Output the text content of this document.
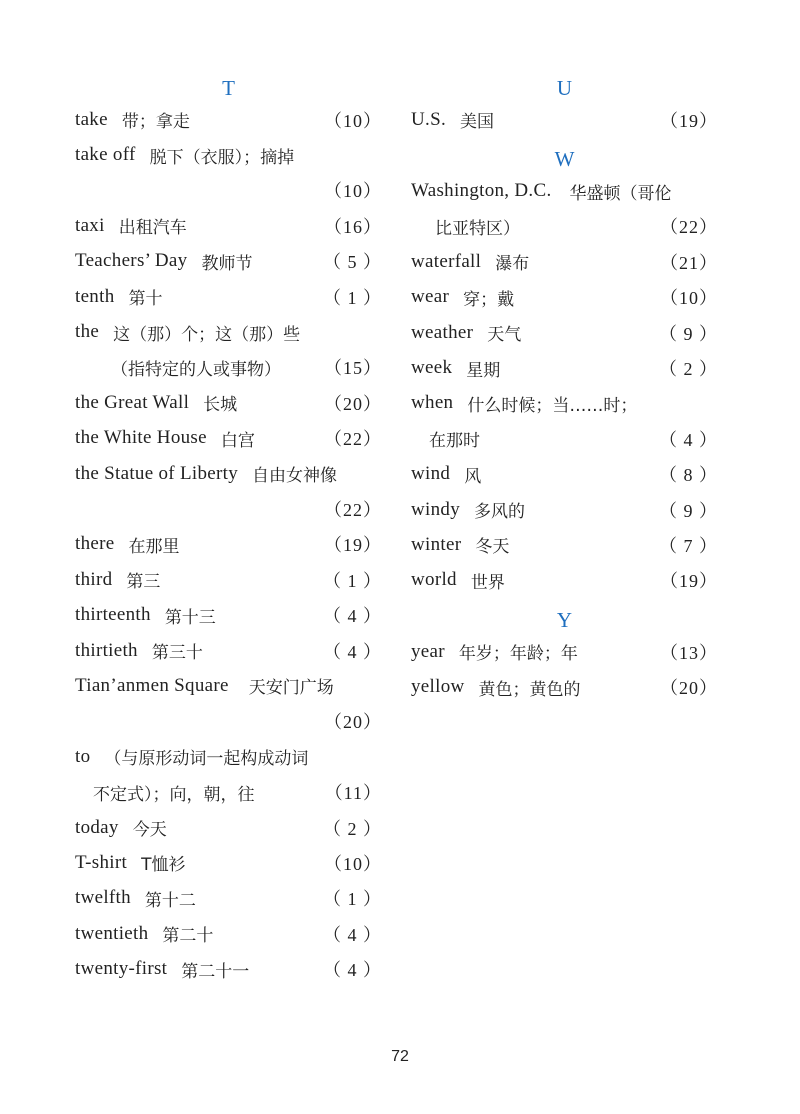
T
take 带；拿走	（10）
take off 脱下（衣服）；摘掉
（10）
taxi 出租汽车	（16）
Teachers’ Day 教师节	（ 5 ）
tenth 第十	（ 1 ）
the 这（那）个；这（那）些
（指特定的人或事物） （15）
the Great Wall 长城	（20）
the White House 白宫	（22）
the Statue of Liberty 自由女神像
（22）
there 在那里	（19）
third 第三	（ 1 ）
thirteenth 第十三	（ 4 ）
thirtieth 第三十	（ 4 ）
Tian’anmen Square 天安门广场
（20）
to （与原形动词一起构成动词
不定式）；向，朝，往	（11）
today 今天	（ 2 ）
T-shirt T恤衫	（10）
twelfth 第十二	（ 1 ）
twentieth 第二十	（ 4 ）
twenty-first 第二十一	（ 4 ）
U
U.S. 美国	（19）
W
Washington, D.C. 华盛顿（哥伦
比亚特区）	（22）
waterfall 瀑布	（21）
wear 穿；戴	（10）
weather 天气	（ 9 ）
week 星期	（ 2 ）
when 什么时候；当……时；
在那时	（ 4 ）
wind 风	（ 8 ）
windy 多风的	（ 9 ）
winter 冬天	（ 7 ）
world 世界	（19）
Y
year 年岁；年龄；年	（13）
yellow 黄色；黄色的	（20）
72
